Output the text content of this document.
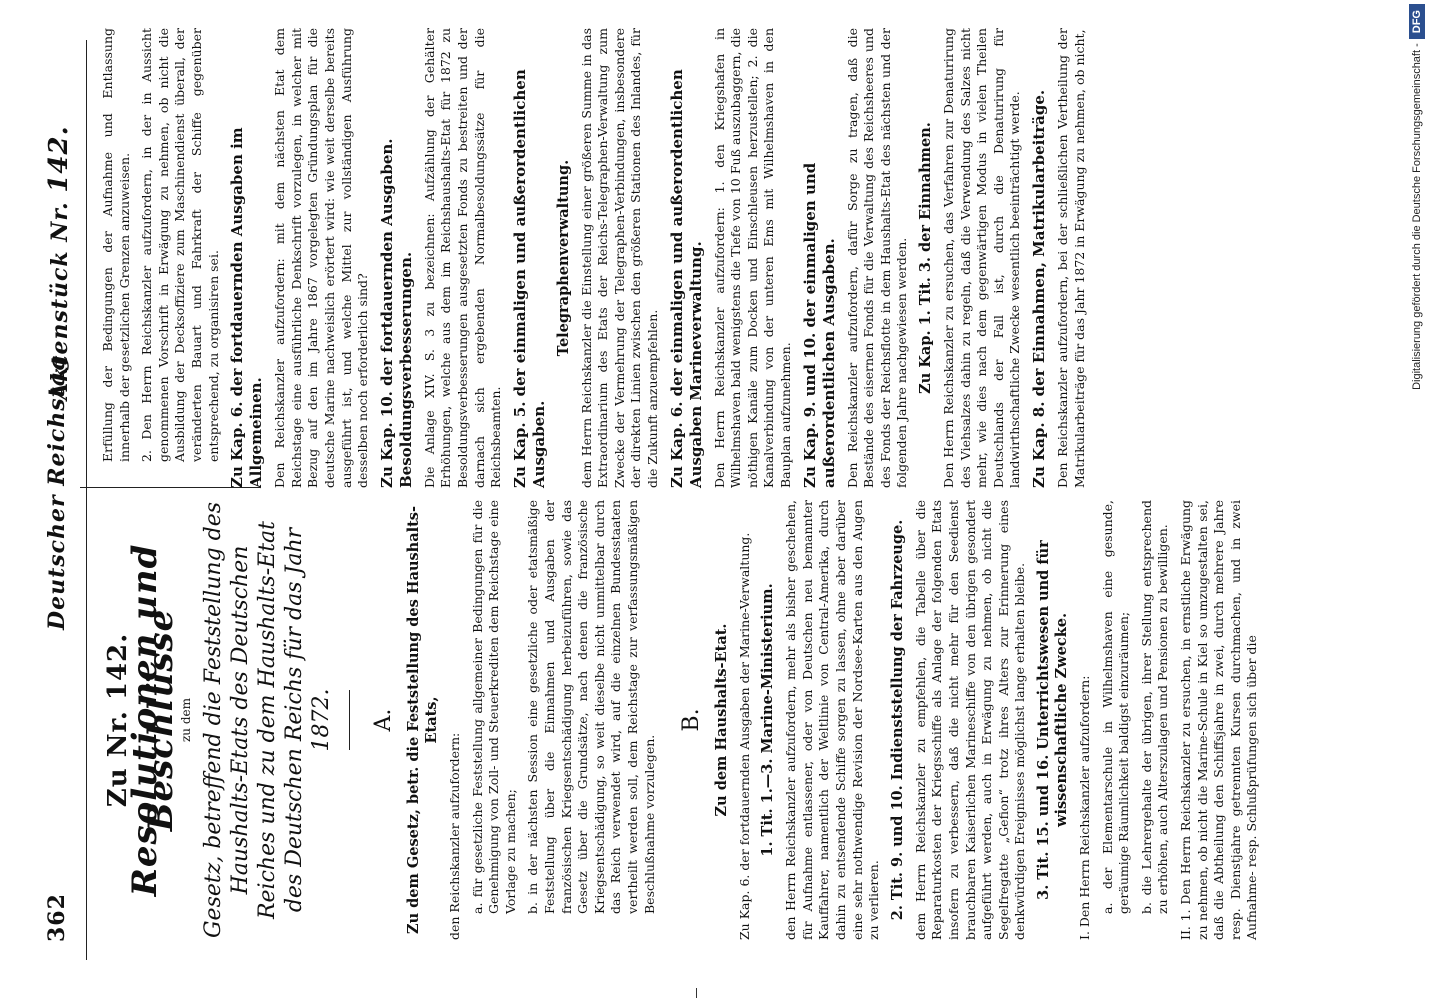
362
Deutscher Reichstag
Aktenstück Nr. 142.
Zu Nr. 142.
Resolutionen und Beschlüsse
zu dem Gesetz, betreffend die Feststellung des Haushalts-Etats des Deutschen Reiches und zu dem Haushalts-Etat des Deutschen Reichs für das Jahr 1872. A. Zu dem Gesetz, betr. die Feststellung des Haushalts-Etats,

den Reichskanzler aufzufordern: a. für gesetzliche Feststellung allgemeiner Bedingungen für die Genehmigung von Zoll- und Steuerkrediten dem Reichstage eine Vorlage zu machen; b. in der nächsten Session eine gesetzliche oder etatsmäßige Feststellung über die Einnahmen und Ausgaben der französischen Kriegsentschädigung herbeizuführen, sowie das Gesetz über die Grundsätze, nach denen die französische Kriegsentschädigung, so weit dieselbe nicht unmittelbar durch das Reich verwendet wird, auf die einzelnen Bundesstaaten vertheilt werden soll, dem Reichstage zur verfassungsmäßigen Beschlußnahme vorzulegen.

B. Zu dem Haushalts-Etat. Zu Kap. 6. der fortdauernden Ausgaben der Marine-Verwaltung. 1. Tit. 1.—3. Marine-Ministerium. den Herrn Reichskanzler aufzufordern, mehr als bisher geschehen, für Aufnahme entlassener, oder von Deutschen neu bemannter Kauffahrer, namentlich der Weltlinie von Central-Amerika, durch dahin zu entsendende Schiffe sorgen zu lassen, ohne aber darüber eine sehr nothwendige Revision der Nordsee-Karten aus den Augen zu verlieren. 2. Tit. 9. und 10. Indienststellung der Fahrzeuge. dem Herrn Reichskanzler zu empfehlen, die Tabelle über die Reparaturkosten der Kriegsschiffe als Anlage der folgenden Etats insofern zu verbessern, daß die nicht mehr für den Seedienst brauchbaren Kaiserlichen Marineschiffe von den übrigen gesondert aufgeführt werden, auch in Erwägung zu nehmen, ob nicht die Segelfregatte „Gefion“ trotz ihres Alters zur Erinnerung eines denkwürdigen Ereignisses möglichst lange erhalten bleibe. 3. Tit. 15. und 16. Unterrichtswesen und für wissenschaftliche Zwecke. I. Den Herrn Reichskanzler aufzufordern: a. der Elementarschule in Wilhelmshaven eine gesunde, geräumige Räumlichkeit baldigst einzuräumen; b. die Lehrergehalte der übrigen, ihrer Stellung entsprechend zu erhöhen, auch Alterszulagen und Pensionen zu bewilligen. II. 1. Den Herrn Reichskanzler zu ersuchen, in ernstliche Erwägung zu nehmen, ob nicht die Marine-Schule in Kiel so umzugestalten sei, daß die Abtheilung den Schiffsjahre in zwei, durch mehrere Jahre resp. Dienstjahre getrennten Kursen durchmachen, und in zwei Aufnahme- resp. Schlußprüfungen sich über die

Erfüllung der Bedingungen der Aufnahme und Entlassung innerhalb der gesetzlichen Grenzen anzuweisen. 2. Den Herrn Reichskanzler aufzufordern, in der in Aussicht genommenen Vorschrift in Erwägung zu nehmen, ob nicht die Ausbildung der Decksoffiziere zum Maschinendienst überall, der veränderten Bauart und Fahrkraft der Schiffe gegenüber entsprechend, zu organisiren sei. Zu Kap. 6. der fortdauernden Ausgaben im Allgemeinen. Den Reichskanzler aufzufordern: mit dem nächsten Etat dem Reichstage eine ausführliche Denkschrift vorzulegen, in welcher mit Bezug auf den im Jahre 1867 vorgelegten Gründungsplan für die deutsche Marine nachweislich erörtert wird: wie weit derselbe bereits ausgeführt ist, und welche Mittel zur vollständigen Ausführung desselben noch erforderlich sind? Zu Kap. 10. der fortdauernden Ausgaben. Besoldungsverbesserungen. Die Anlage XIV. S. 3 zu bezeichnen: Aufzählung der Gehälter Erhöhungen, welche aus dem im Reichshaushalts-Etat für 1872 zu Besoldungsverbesserungen ausgesetzten Fonds zu bestreiten und der darnach sich ergebenden Normalbesoldungssätze für die Reichsbeamten. Zu Kap. 5. der einmaligen und außerordentlichen Ausgaben.

Telegraphenverwaltung. dem Herrn Reichskanzler die Einstellung einer größeren Summe in das Extraordinarium des Etats der Reichs-Telegraphen-Verwaltung zum Zwecke der Vermehrung der Telegraphen-Verbindungen, insbesondere der direkten Linien zwischen den größeren Stationen des Inlandes, für die Zukunft anzuempfehlen. Zu Kap. 6. der einmaligen und außerordentlichen Ausgaben Marineverwaltung. Den Herrn Reichskanzler aufzufordern: 1. den Kriegshafen in Wilhelmshaven bald wenigstens die Tiefe von 10 Fuß auszubaggern, die nöthigen Kanäle zum Docken und Einschleusen herzustellen; 2. die Kanalverbindung von der unteren Ems mit Wilhelmshaven in den Bauplan aufzunehmen. Zu Kap. 9. und 10. der einmaligen und außerordentlichen Ausgaben. Den Reichskanzler aufzufordern, dafür Sorge zu tragen, daß die Bestände des eisernen Fonds für die Verwaltung des Reichsheeres und des Fonds der Reichsflotte in dem Haushalts-Etat des nächsten und der folgenden Jahre nachgewiesen werden. Zu Kap. 1. Tit. 3. der Einnahmen. Den Herrn Reichskanzler zu ersuchen, das Verfahren zur Denaturirung des Viehsalzes dahin zu regeln, daß die Verwendung des Salzes nicht mehr, wie dies nach dem gegenwärtigen Modus in vielen Theilen Deutschlands der Fall ist, durch die Denaturirung für landwirthschaftliche Zwecke wesentlich beeinträchtigt werde. Zu Kap. 8. der Einnahmen, Matrikularbeiträge. Den Reichskanzler aufzufordern, bei der schließlichen Vertheilung der Matrikularbeiträge für das Jahr 1872 in Erwägung zu nehmen, ob nicht,	Digitalisierung gefördert durch die Deutsche Forschungsgemeinschaft -DFG
